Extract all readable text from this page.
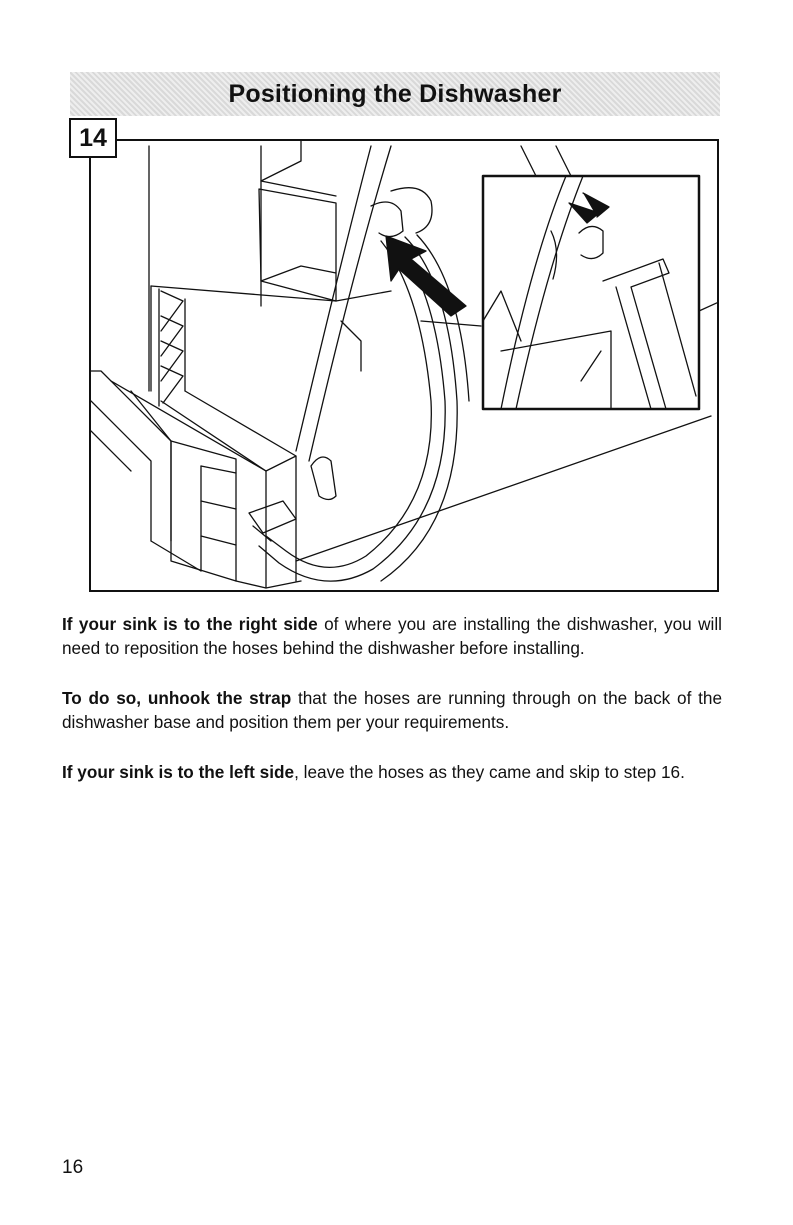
Positioning the Dishwasher
14

If your sink is to the right side of where you are installing the dishwasher, you will need to reposition the hoses behind the dishwasher before installing.

To do so, unhook the strap that the hoses are running through on the back of the dishwasher base and position them per your requirements.

If your sink is to the left side, leave the hoses as they came and skip to step 16.

16
